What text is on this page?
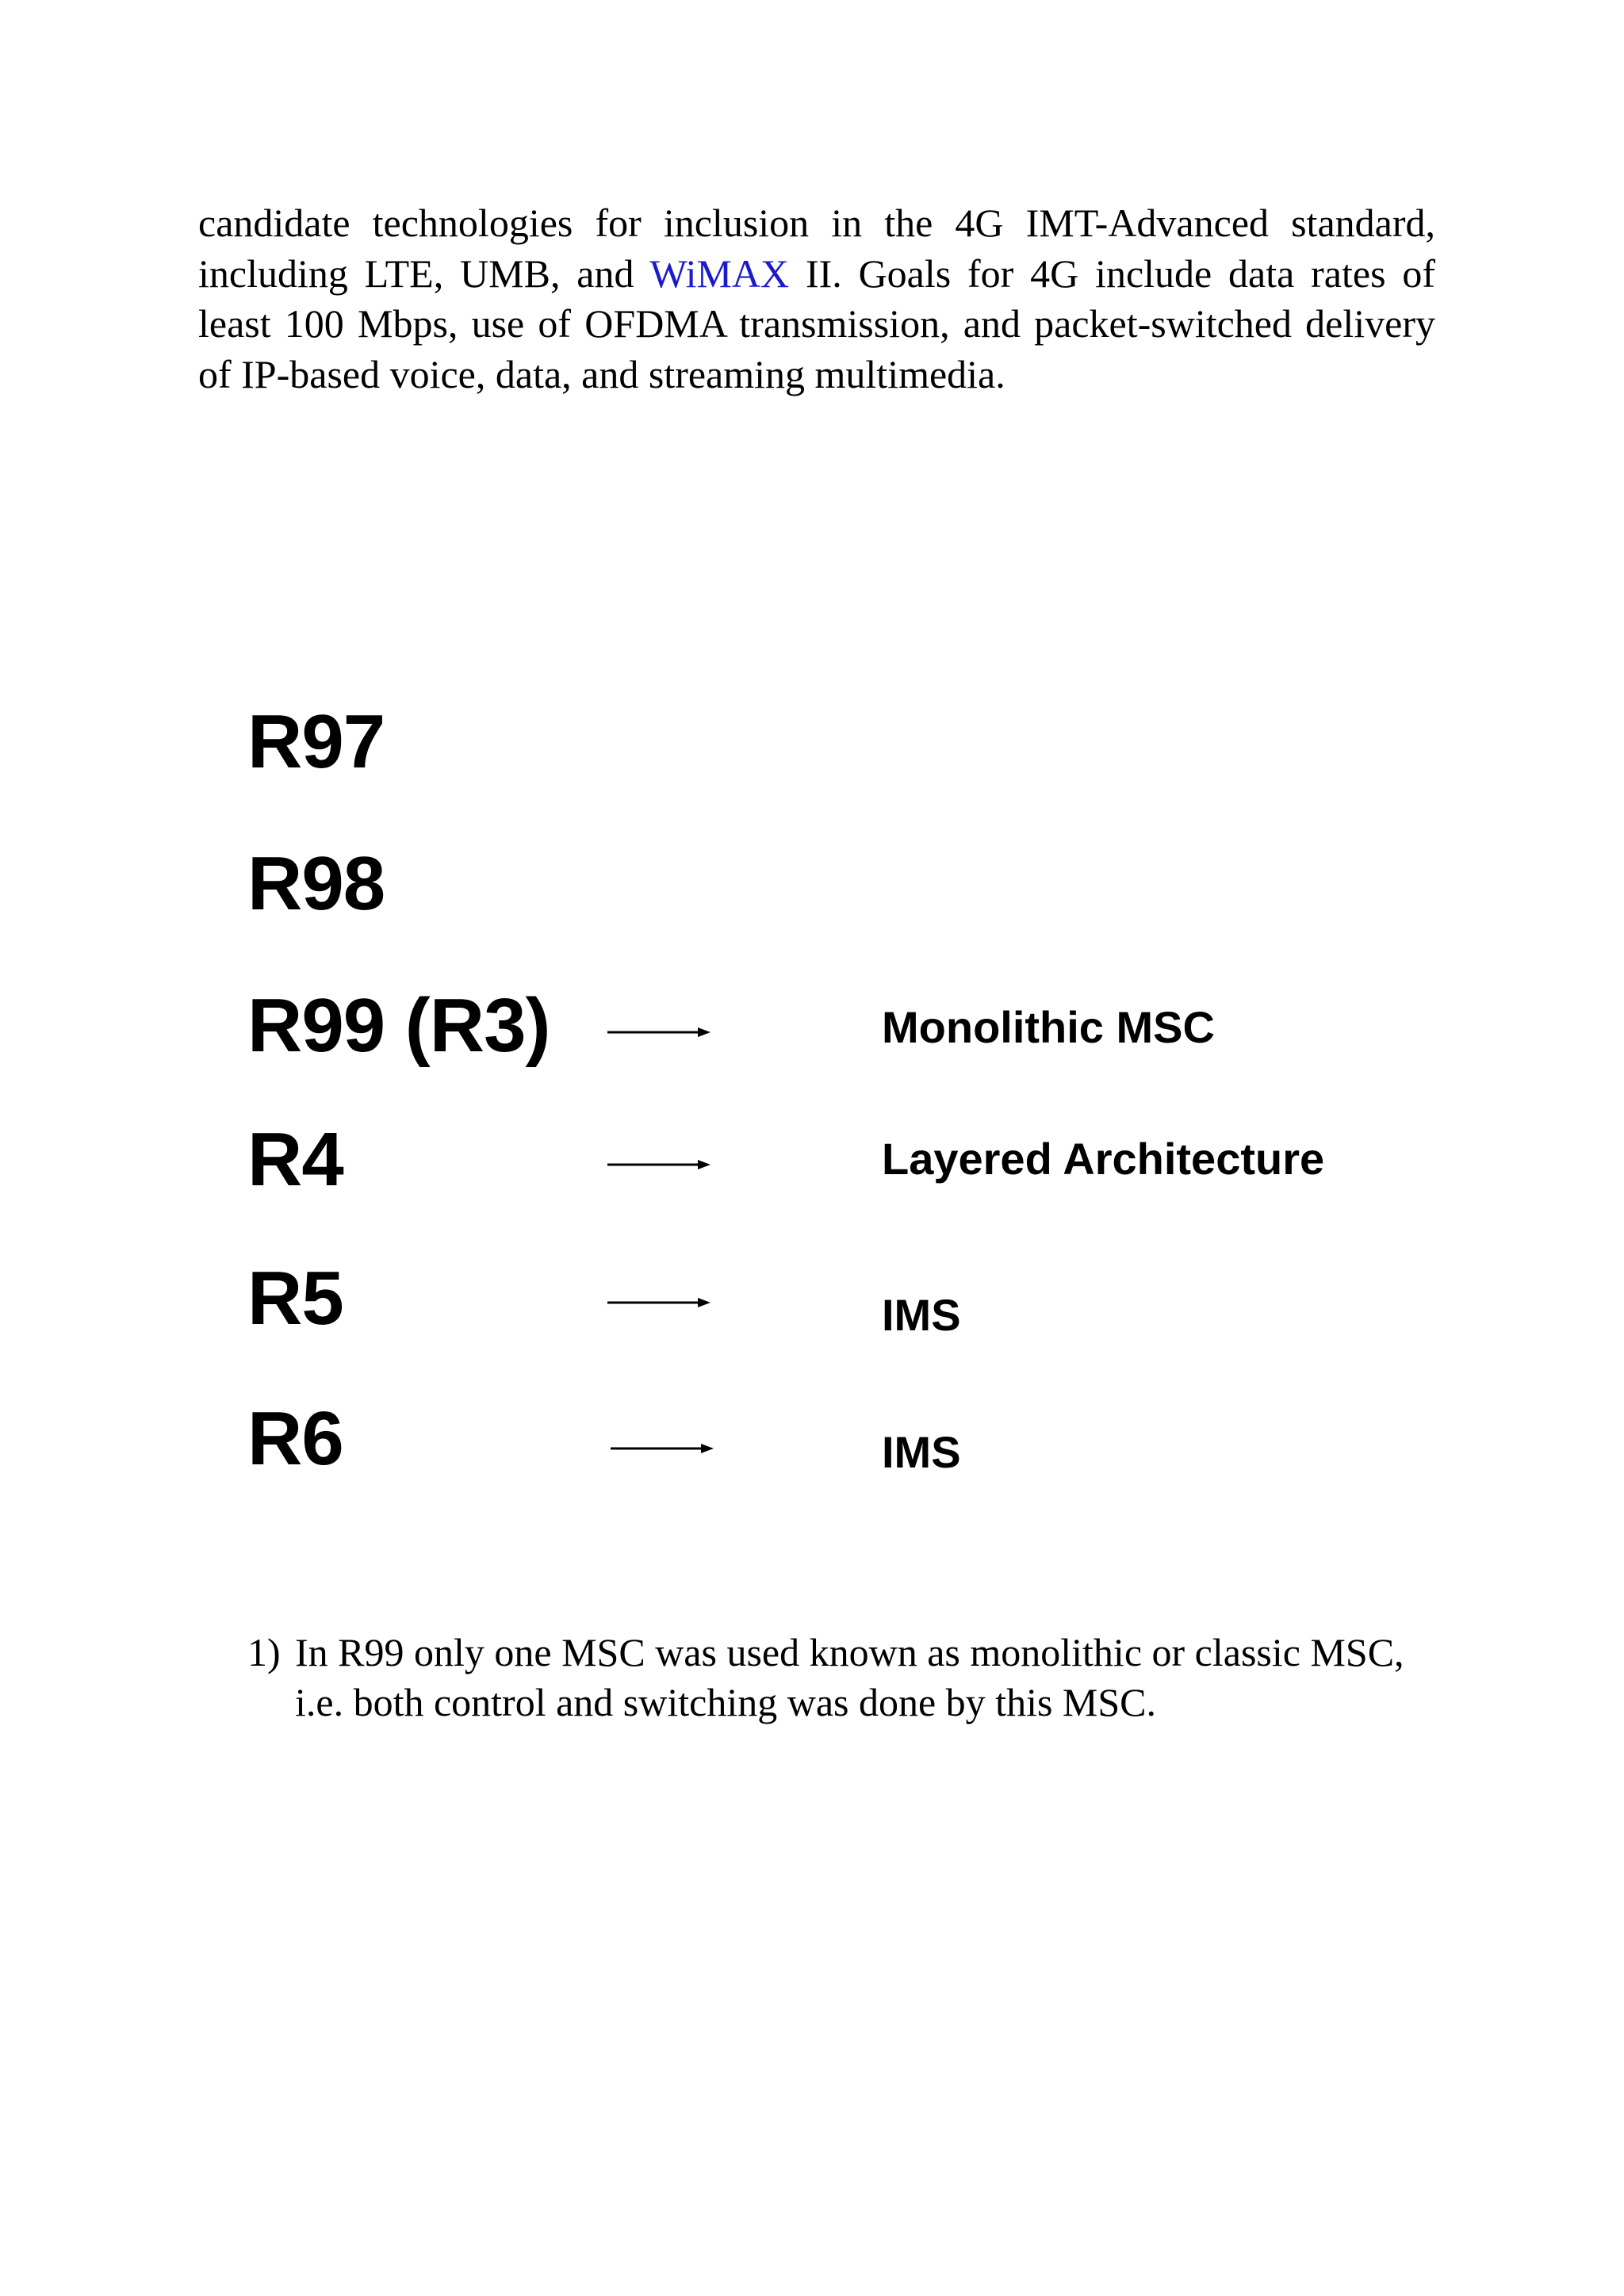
candidate technologies for inclusion in the 4G IMT-Advanced standard, including LTE, UMB, and WiMAX II. Goals for 4G include data rates of least 100 Mbps, use of OFDMA transmission, and packet-switched delivery of IP-based voice, data, and streaming multimedia.

R97
R98
R99 (R3)	Monolithic MSC
R4	Layered Architecture
R5	IMS
R6	IMS
1) In R99 only one MSC was used known as monolithic or classic MSC, i.e. both control and switching was done by this MSC.
